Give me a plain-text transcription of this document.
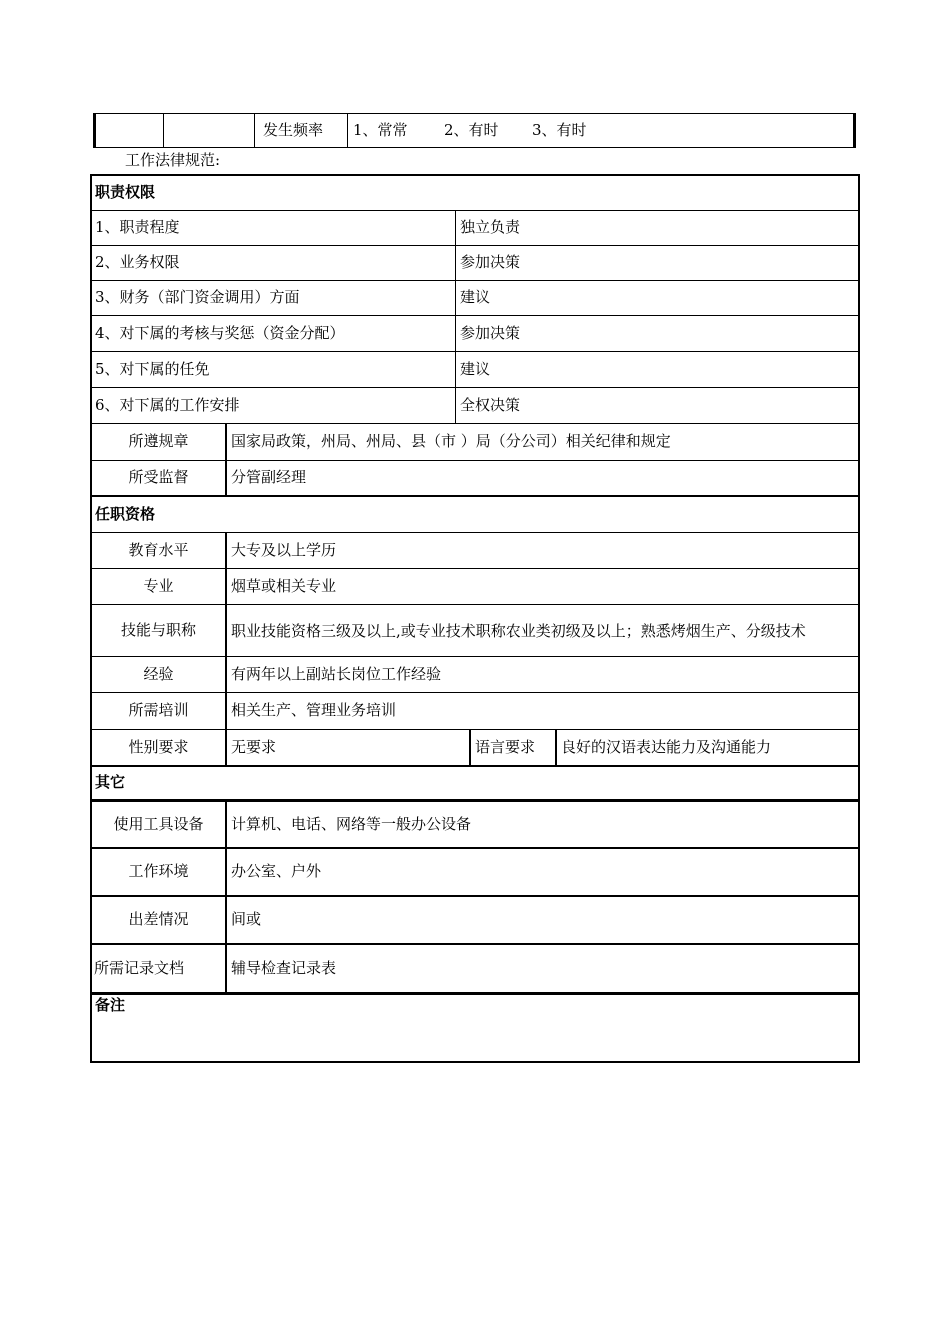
发生频率 1、常常 2、有时 3、有时
工作法律规范:
职责权限
1、职责程度	独立负责
2、业务权限	参加决策
3、财务（部门资金调用）方面	建议
4、对下属的考核与奖惩（资金分配）	参加决策
5、对下属的任免	建议
6、对下属的工作安排	全权决策
所遵规章	国家局政策，州局、州局、县（市 ）局（分公司）相关纪律和规定
所受监督	分管副经理
任职资格
教育水平	大专及以上学历
专业	烟草或相关专业
技能与职称	职业技能资格三级及以上,或专业技术职称农业类初级及以上；熟悉烤烟生产、分级技术
经验	有两年以上副站长岗位工作经验
所需培训	相关生产、管理业务培训
性别要求	无要求	语言要求 良好的汉语表达能力及沟通能力
其它
使用工具设备	计算机、电话、网络等一般办公设备
工作环境	办公室、户外
出差情况	间或
所需记录文档	辅导检查记录表
备注
